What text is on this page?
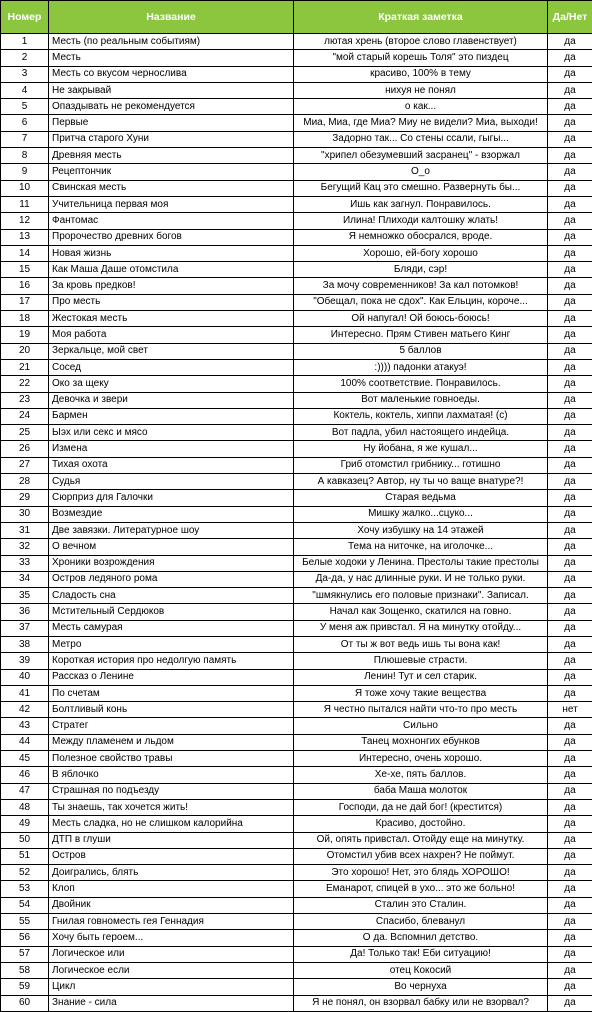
Номер	Название	Краткая заметка	Да/Нет
1	Месть (по реальным событиям)	лютая хрень (второе слово главенствует)	да
2	Месть	"мой старый корешь Толя" это пиздец	да
3	Месть со вкусом чернослива	красиво, 100% в тему	да
4	Не закрывай	нихуя не понял	да
5	Опаздывать не рекомендуется	о как...	да
6	Первые	Миа, Миа, где Миа? Миу не видели? Миа, выходи!	да
7	Притча старого Хуни	Задорно так... Со стены ссали, гыгы...	да
8	Древняя месть	"хрипел обезумевший засранец" - взоржал	да
9	Рецептончик	О_о	да
10	Свинская месть	Бегущий Кац это смешно. Развернуть бы...	да
11	Учительница первая моя	Ишь как загнул. Понравилось.	да
12	Фантомас	Илина! Плиходи калтошку жлать!	да
13	Пророчество древних богов	Я немножко обосрался, вроде.	да
14	Новая жизнь	Хорошо, ей-богу хорошо	да
15	Как Маша Даше отомстила	Бляди, сэр!	да
16	За кровь предков!	За мочу современников! За кал потомков!	да
17	Про месть	"Обещал, пока не сдох". Как Ельцин, короче...	да
18	Жестокая месть	Ой напугал! Ой боюсь-боюсь!	да
19	Моя работа	Интересно. Прям Стивен матьего Кинг	да
20	Зеркальце, мой свет	5 баллов	да
21	Сосед	:)))) падонки атакуэ!	да
22	Око за щеку	100% соответствие. Понравилось.	да
23	Девочка и звери	Вот маленькие говноеды.	да
24	Бармен	Коктель, коктель, хиппи лахматая! (с)	да
25	Ыэх или секс и мясо	Вот падла, убил настоящего индейца.	да
26	Измена	Ну йобана, я же кушал...	да
27	Тихая охота	Гриб отомстил грибнику... готишно	да
28	Судья	А кавказец? Автор, ну ты чо ваще внатуре?!	да
29	Сюрприз для Галочки	Старая ведьма	да
30	Возмездие	Мишку жалко...сцуко...	да
31	Две завязки. Литературное шоу	Хочу избушку на 14 этажей	да
32	О вечном	Тема на ниточке, на иголочке...	да
33	Хроники возрождения	Белые ходоки у Ленина. Престолы такие престолы	да
34	Остров ледяного рома	Да-да, у нас длинные руки. И не только руки.	да
35	Сладость сна	"шмякнулись его половые признаки". Записал.	да
36	Мстительный Сердюков	Начал как Зощенко, скатился на говно.	да
37	Месть самурая	У меня аж привстал. Я на минутку отойду...	да
38	Метро	От ты ж вот ведь ишь ты вона как!	да
39	Короткая история про недолгую память	Плюшевые страсти.	да
40	Рассказ о Ленине	Ленин! Тут и сел старик.	да
41	По счетам	Я тоже хочу такие вещества	да
42	Болтливый конь	Я честно пытался найти что-то про месть	нет
43	Стратег	Сильно	да
44	Между пламенем и льдом	Танец мохнонгих ебунков	да
45	Полезное свойство травы	Интересно, очень хорошо.	да
46	В яблочко	Хе-хе, пять баллов.	да
47	Страшная по подъезду	баба Маша молоток	да
48	Ты знаешь, так хочется жить!	Господи, да не дай бог! (крестится)	да
49	Месть сладка, но не слишком калорийна	Красиво, достойно.	да
50	ДТП в глуши	Ой, опять привстал. Отойду еще на минутку.	да
51	Остров	Отомстил убив всех нахрен? Не поймут.	да
52	Доигрались, блять	Это хорошо! Нет, это блядь ХОРОШО!	да
53	Клоп	Еманарот, спицей в ухо... это же больно!	да
54	Двойник	Сталин это Сталин.	да
55	Гнилая говноместь гея Геннадия	Спасибо, блеванул	да
56	Хочу быть героем...	О да. Вспомнил детство.	да
57	Логическое или	Да! Только так! Еби ситуацию!	да
58	Логическое если	отец Кокосий	да
59	Цикл	Во чернуха	да
60	Знание - сила	Я не понял, он взорвал бабку или не взорвал?	да
